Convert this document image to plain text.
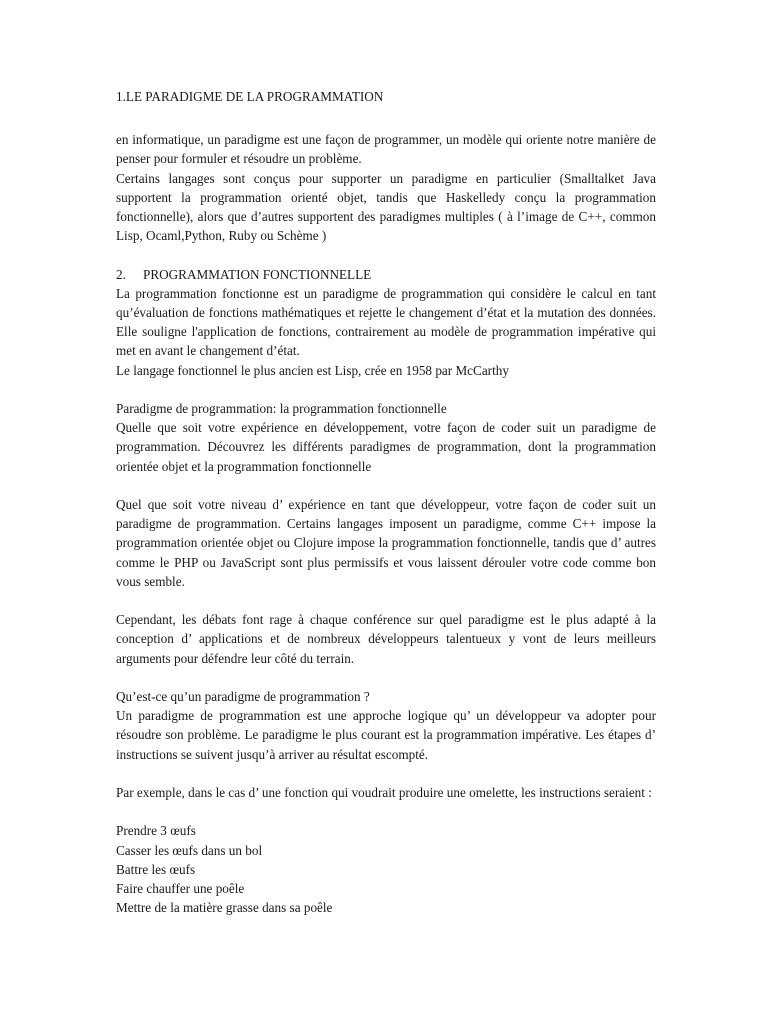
1.LE PARADIGME DE LA PROGRAMMATION

en informatique, un paradigme est une façon de programmer, un modèle qui oriente notre manière de penser pour formuler et résoudre un problème.

Certains langages sont conçus pour supporter un paradigme en particulier (Smalltalket Java supportent la programmation orienté objet, tandis que Haskelledy conçu la programmation fonctionnelle), alors que d’autres supportent des paradigmes multiples ( à l’image de C++, common Lisp, Ocaml,Python, Ruby ou Schème )

2. PROGRAMMATION FONCTIONNELLE

La programmation fonctionne est un paradigme de programmation qui considère le calcul en tant qu’évaluation de fonctions mathématiques et rejette le changement d’état et la mutation des données. Elle souligne l'application de fonctions, contrairement au modèle de programmation impérative qui met en avant le changement d’état.

Le langage fonctionnel le plus ancien est Lisp, crée en 1958 par McCarthy

Paradigme de programmation: la programmation fonctionnelle

Quelle que soit votre expérience en développement, votre façon de coder suit un paradigme de programmation. Découvrez les différents paradigmes de programmation, dont la programmation orientée objet et la programmation fonctionnelle

Quel que soit votre niveau d’ expérience en tant que développeur, votre façon de coder suit un paradigme de programmation. Certains langages imposent un paradigme, comme C++ impose la programmation orientée objet ou Clojure impose la programmation fonctionnelle, tandis que d’ autres comme le PHP ou JavaScript sont plus permissifs et vous laissent dérouler votre code comme bon vous semble.

Cependant, les débats font rage à chaque conférence sur quel paradigme est le plus adapté à la conception d’ applications et de nombreux développeurs talentueux y vont de leurs meilleurs arguments pour défendre leur côté du terrain.

Qu’est-ce qu’un paradigme de programmation ?

Un paradigme de programmation est une approche logique qu’ un développeur va adopter pour résoudre son problème. Le paradigme le plus courant est la programmation impérative. Les étapes d’ instructions se suivent jusqu’à arriver au résultat escompté.

Par exemple, dans le cas d’ une fonction qui voudrait produire une omelette, les instructions seraient :

Prendre 3 œufs
Casser les œufs dans un bol
Battre les œufs
Faire chauffer une poêle
Mettre de la matière grasse dans sa poêle
